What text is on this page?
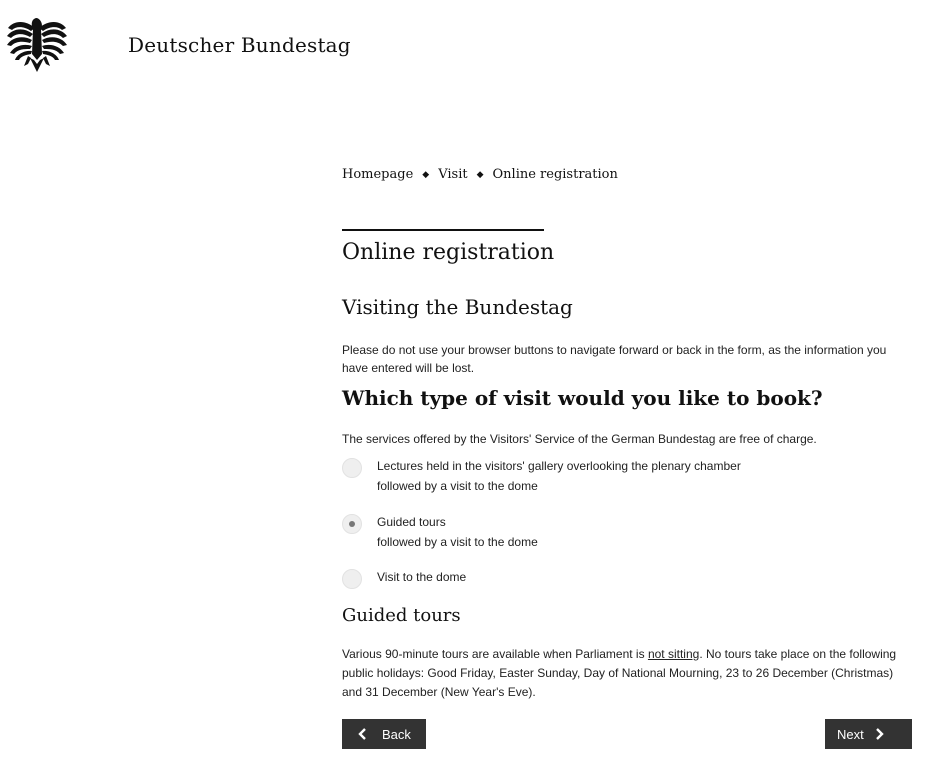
Deutscher Bundestag
Homepage ◆ Visit ◆ Online registration
Online registration
Visiting the Bundestag

Please do not use your browser buttons to navigate forward or back in the form, as the information you have entered will be lost.

Which type of visit would you like to book?
The services offered by the Visitors' Service of the German Bundestag are free of charge.
Lectures held in the visitors' gallery overlooking the plenary chamber
followed by a visit to the dome
Guided tours
followed by a visit to the dome
Visit to the dome
Guided tours

Various 90-minute tours are available when Parliament is not sitting. No tours take place on the following public holidays: Good Friday, Easter Sunday, Day of National Mourning, 23 to 26 December (Christmas) and 31 December (New Year's Eve).

Back	Next
